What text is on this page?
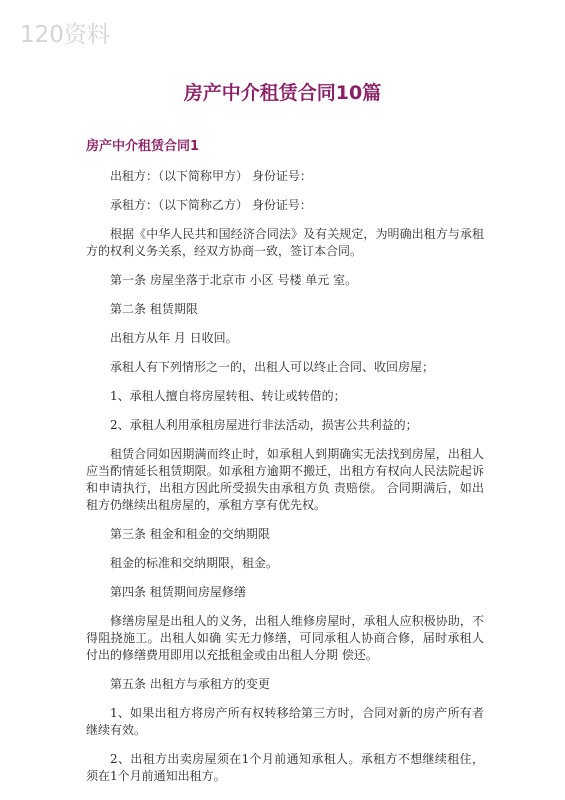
120资料
房产中介租赁合同10篇
房产中介租赁合同1

出租方：（以下简称甲方） 身份证号：

承租方：（以下简称乙方） 身份证号：

根据《中华人民共和国经济合同法》及有关规定，为明确出租方与承租方的权利义务关系，经双方协商一致，签订本合同。

第一条 房屋坐落于北京市 小区 号楼 单元 室。

第二条 租赁期限

出租方从年 月 日收回。

承租人有下列情形之一的，出租人可以终止合同、收回房屋；

1、承租人擅自将房屋转租、转让或转借的；

2、承租人利用承租房屋进行非法活动，损害公共利益的；

租赁合同如因期满而终止时，如承租人到期确实无法找到房屋，出租人应当酌情延长租赁期限。如承租方逾期不搬迁，出租方有权向人民法院起诉和申请执行，出租方因此所受损失由承租方负 责赔偿。 合同期满后，如出租方仍继续出租房屋的，承租方享有优先权。

第三条 租金和租金的交纳期限

租金的标准和交纳期限，租金。

第四条 租赁期间房屋修缮

修缮房屋是出租人的义务，出租人维修房屋时，承租人应积极协助，不得阻挠施工。出租人如确 实无力修缮，可同承租人协商合修，届时承租人付出的修缮费用即用以充抵租金或由出租人分期 偿还。

第五条 出租方与承租方的变更

1、如果出租方将房产所有权转移给第三方时，合同对新的房产所有者继续有效。

2、出租方出卖房屋须在1个月前通知承租人。承租方不想继续租住，须在1个月前通知出租方。
